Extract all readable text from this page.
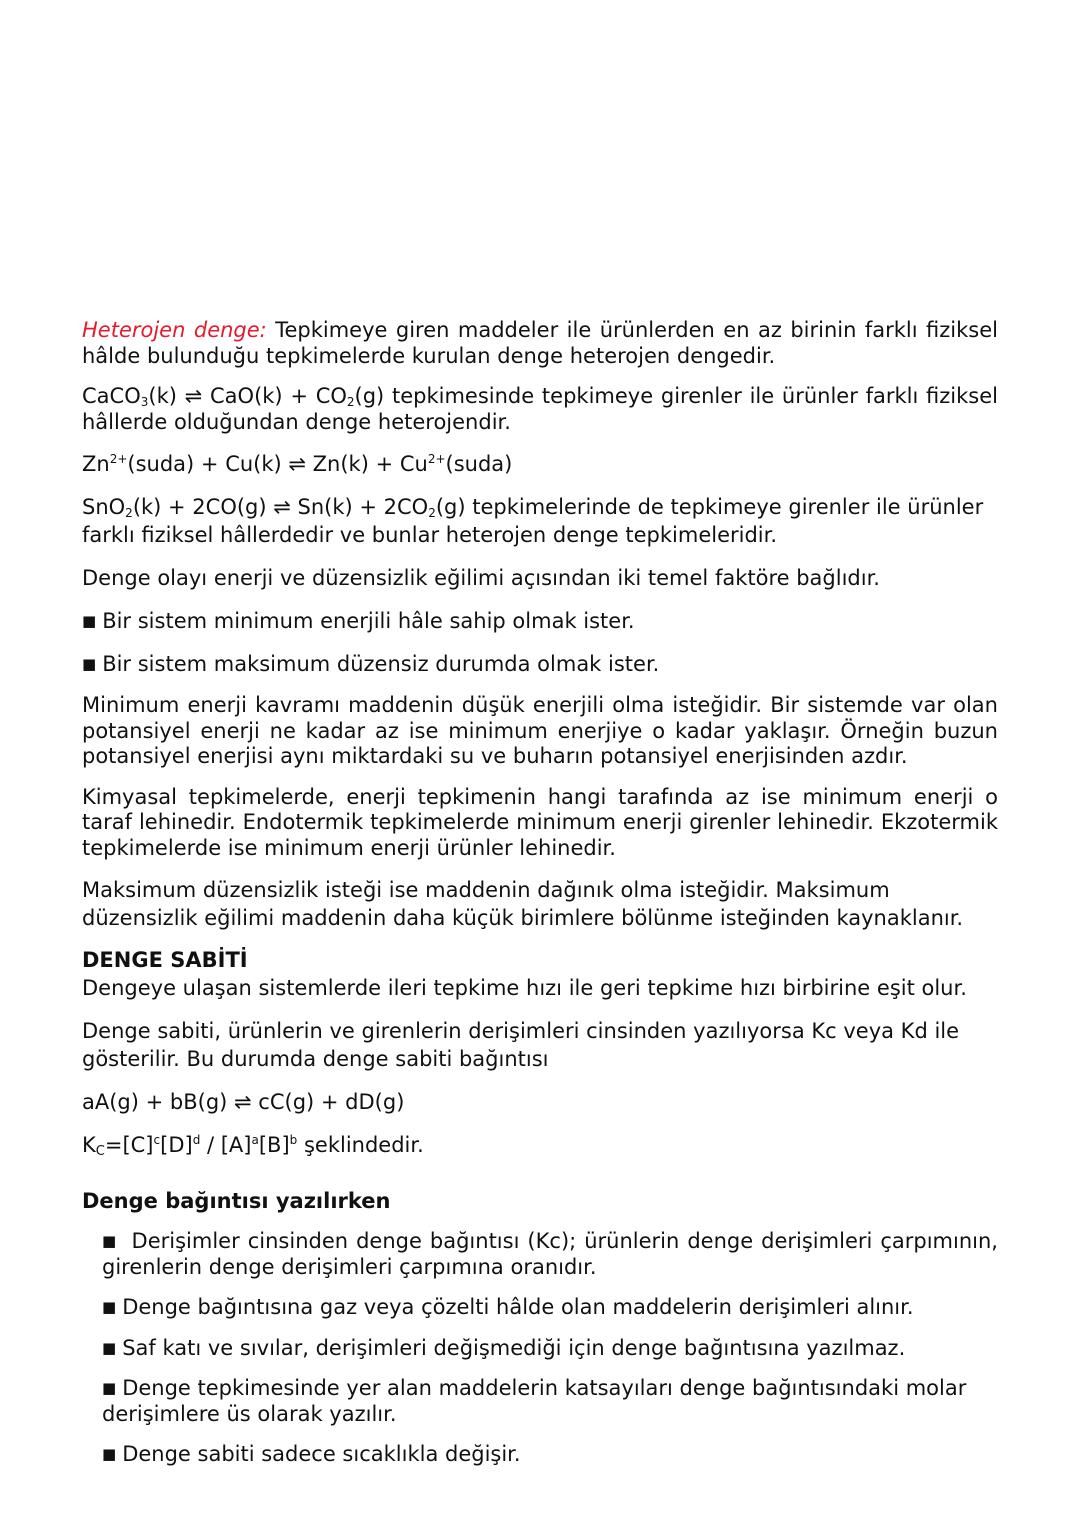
Heterojen denge: Tepkimeye giren maddeler ile ürünlerden en az birinin farklı fiziksel hâlde bulunduğu tepkimelerde kurulan denge heterojen dengedir.

CaCO$_3$(k) ⇌ $CaO(k) + CO_2(g)$ tepkimesinde tepkimeye girenler ile ürünler farklı fiziksel hâllerde olduğundan denge heterojendir.

$Zn^{2+}(suda) + Cu(k)$ ⇌ $Zn(k) + Cu^{2+}(suda)$

SnO$_2$(k) + 2CO(g) ⇌ $Sn(k) + 2CO_2(g)$ tepkimelerinde de tepkimeye girenler ile ürünler farklı fiziksel hâllerdedir ve bunlar heterojen denge tepkimeleridir.

Denge olayı enerji ve düzensizlik eğilimi açısından iki temel faktöre bağlıdır.

■ Bir sistem minimum enerjili hâle sahip olmak ister.

■ Bir sistem maksimum düzensiz durumda olmak ister.

Minimum enerji kavramı maddenin düşük enerjili olma isteğidir. Bir sistemde var olan potansiyel enerji ne kadar az ise minimum enerjiye o kadar yaklaşır. Örneğin buzun potansiyel enerjisi aynı miktardaki su ve buharın potansiyel enerjisinden azdır.

Kimyasal tepkimelerde, enerji tepkimenin hangi tarafında az ise minimum enerji o taraf lehinedir. Endotermik tepkimelerde minimum enerji girenler lehinedir. Ekzotermik tepkimelerde ise minimum enerji ürünler lehinedir.

Maksimum düzensizlik isteği ise maddenin dağınık olma isteğidir. Maksimum düzensizlik eğilimi maddenin daha küçük birimlere bölünme isteğinden kaynaklanır.

DENGE SABİTİ

Dengeye ulaşan sistemlerde ileri tepkime hızı ile geri tepkime hızı birbirine eşit olur.

Denge sabiti, ürünlerin ve girenlerin derişimleri cinsinden yazılıyorsa Kc veya Kd ile gösterilir. Bu durumda denge sabiti bağıntısı

aA(g) + bB(g) ⇌ cC(g) + dD(g)

$KC=[C]^c[D]^d / [A]^a[B]^b$ şeklindedir.

Denge bağıntısı yazılırken

■ Derişimler cinsinden denge bağıntısı (Kc); ürünlerin denge derişimleri çarpımının, girenlerin denge derişimleri çarpımına oranıdır.

■ Denge bağıntısına gaz veya çözelti hâlde olan maddelerin derişimleri alınır.

■ Saf katı ve sıvılar, derişimleri değişmediği için denge bağıntısına yazılmaz.

■ Denge tepkimesinde yer alan maddelerin katsayıları denge bağıntısındaki molar derişimlere üs olarak yazılır.

■ Denge sabiti sadece sıcaklıkla değişir.
